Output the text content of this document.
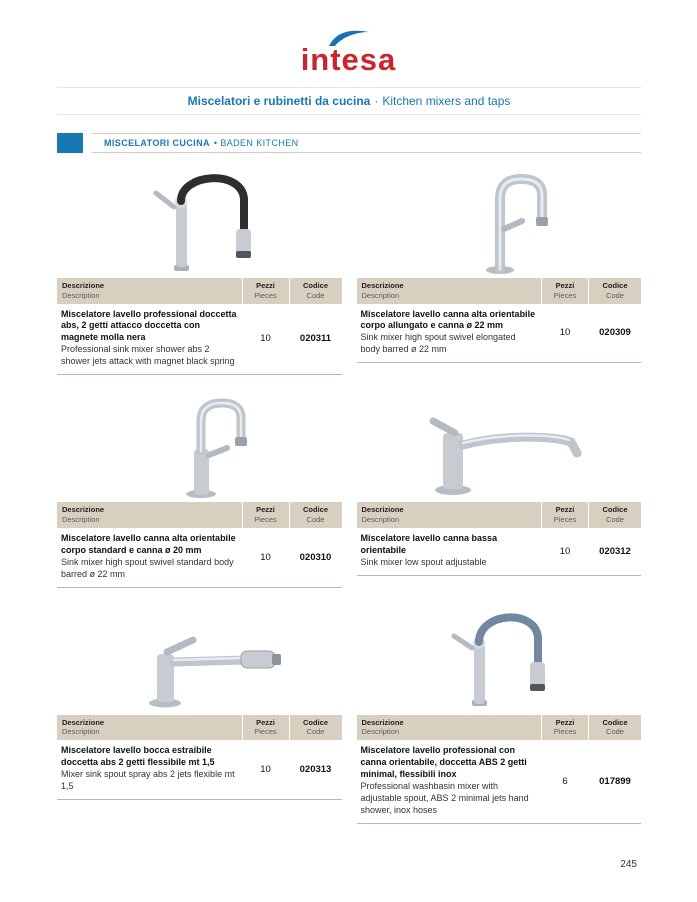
intesa
Miscelatori e rubinetti da cucina · Kitchen mixers and taps
MISCELATORI CUCINA • BADEN KITCHEN
Descrizione
Description
Pezzi
Pieces
Codice
Code
Miscelatore lavello professional doccetta abs, 2 getti attacco doccetta con magnete molla nera
Professional sink mixer shower abs 2 shower jets attack with magnet black spring
10	020311
Descrizione
Description
Pezzi
Pieces
Codice
Code
Miscelatore lavello canna alta orientabile corpo allungato e canna ø 22 mm
Sink mixer high spout swivel elongated body barred ø 22 mm
10	020309
Descrizione
Description
Pezzi
Pieces
Codice
Code
Miscelatore lavello canna alta orientabile corpo standard e canna ø 20 mm
Sink mixer high spout swivel standard body barred ø 22 mm
10	020310
Descrizione
Description
Pezzi
Pieces
Codice
Code
Miscelatore lavello canna bassa orientabile
Sink mixer low spout adjustable
10	020312
Descrizione
Description
Pezzi
Pieces
Codice
Code
Miscelatore lavello bocca estraibile doccetta abs 2 getti flessibile mt 1,5
Mixer sink spout spray abs 2 jets flexible mt 1,5
10	020313
Descrizione
Description
Pezzi
Pieces
Codice
Code
Miscelatore lavello professional con canna orientabile, doccetta ABS 2 getti minimal, flessibili inox
Professional washbasin mixer with adjustable spout, ABS 2 minimal jets hand shower, inox hoses
6	017899
245
